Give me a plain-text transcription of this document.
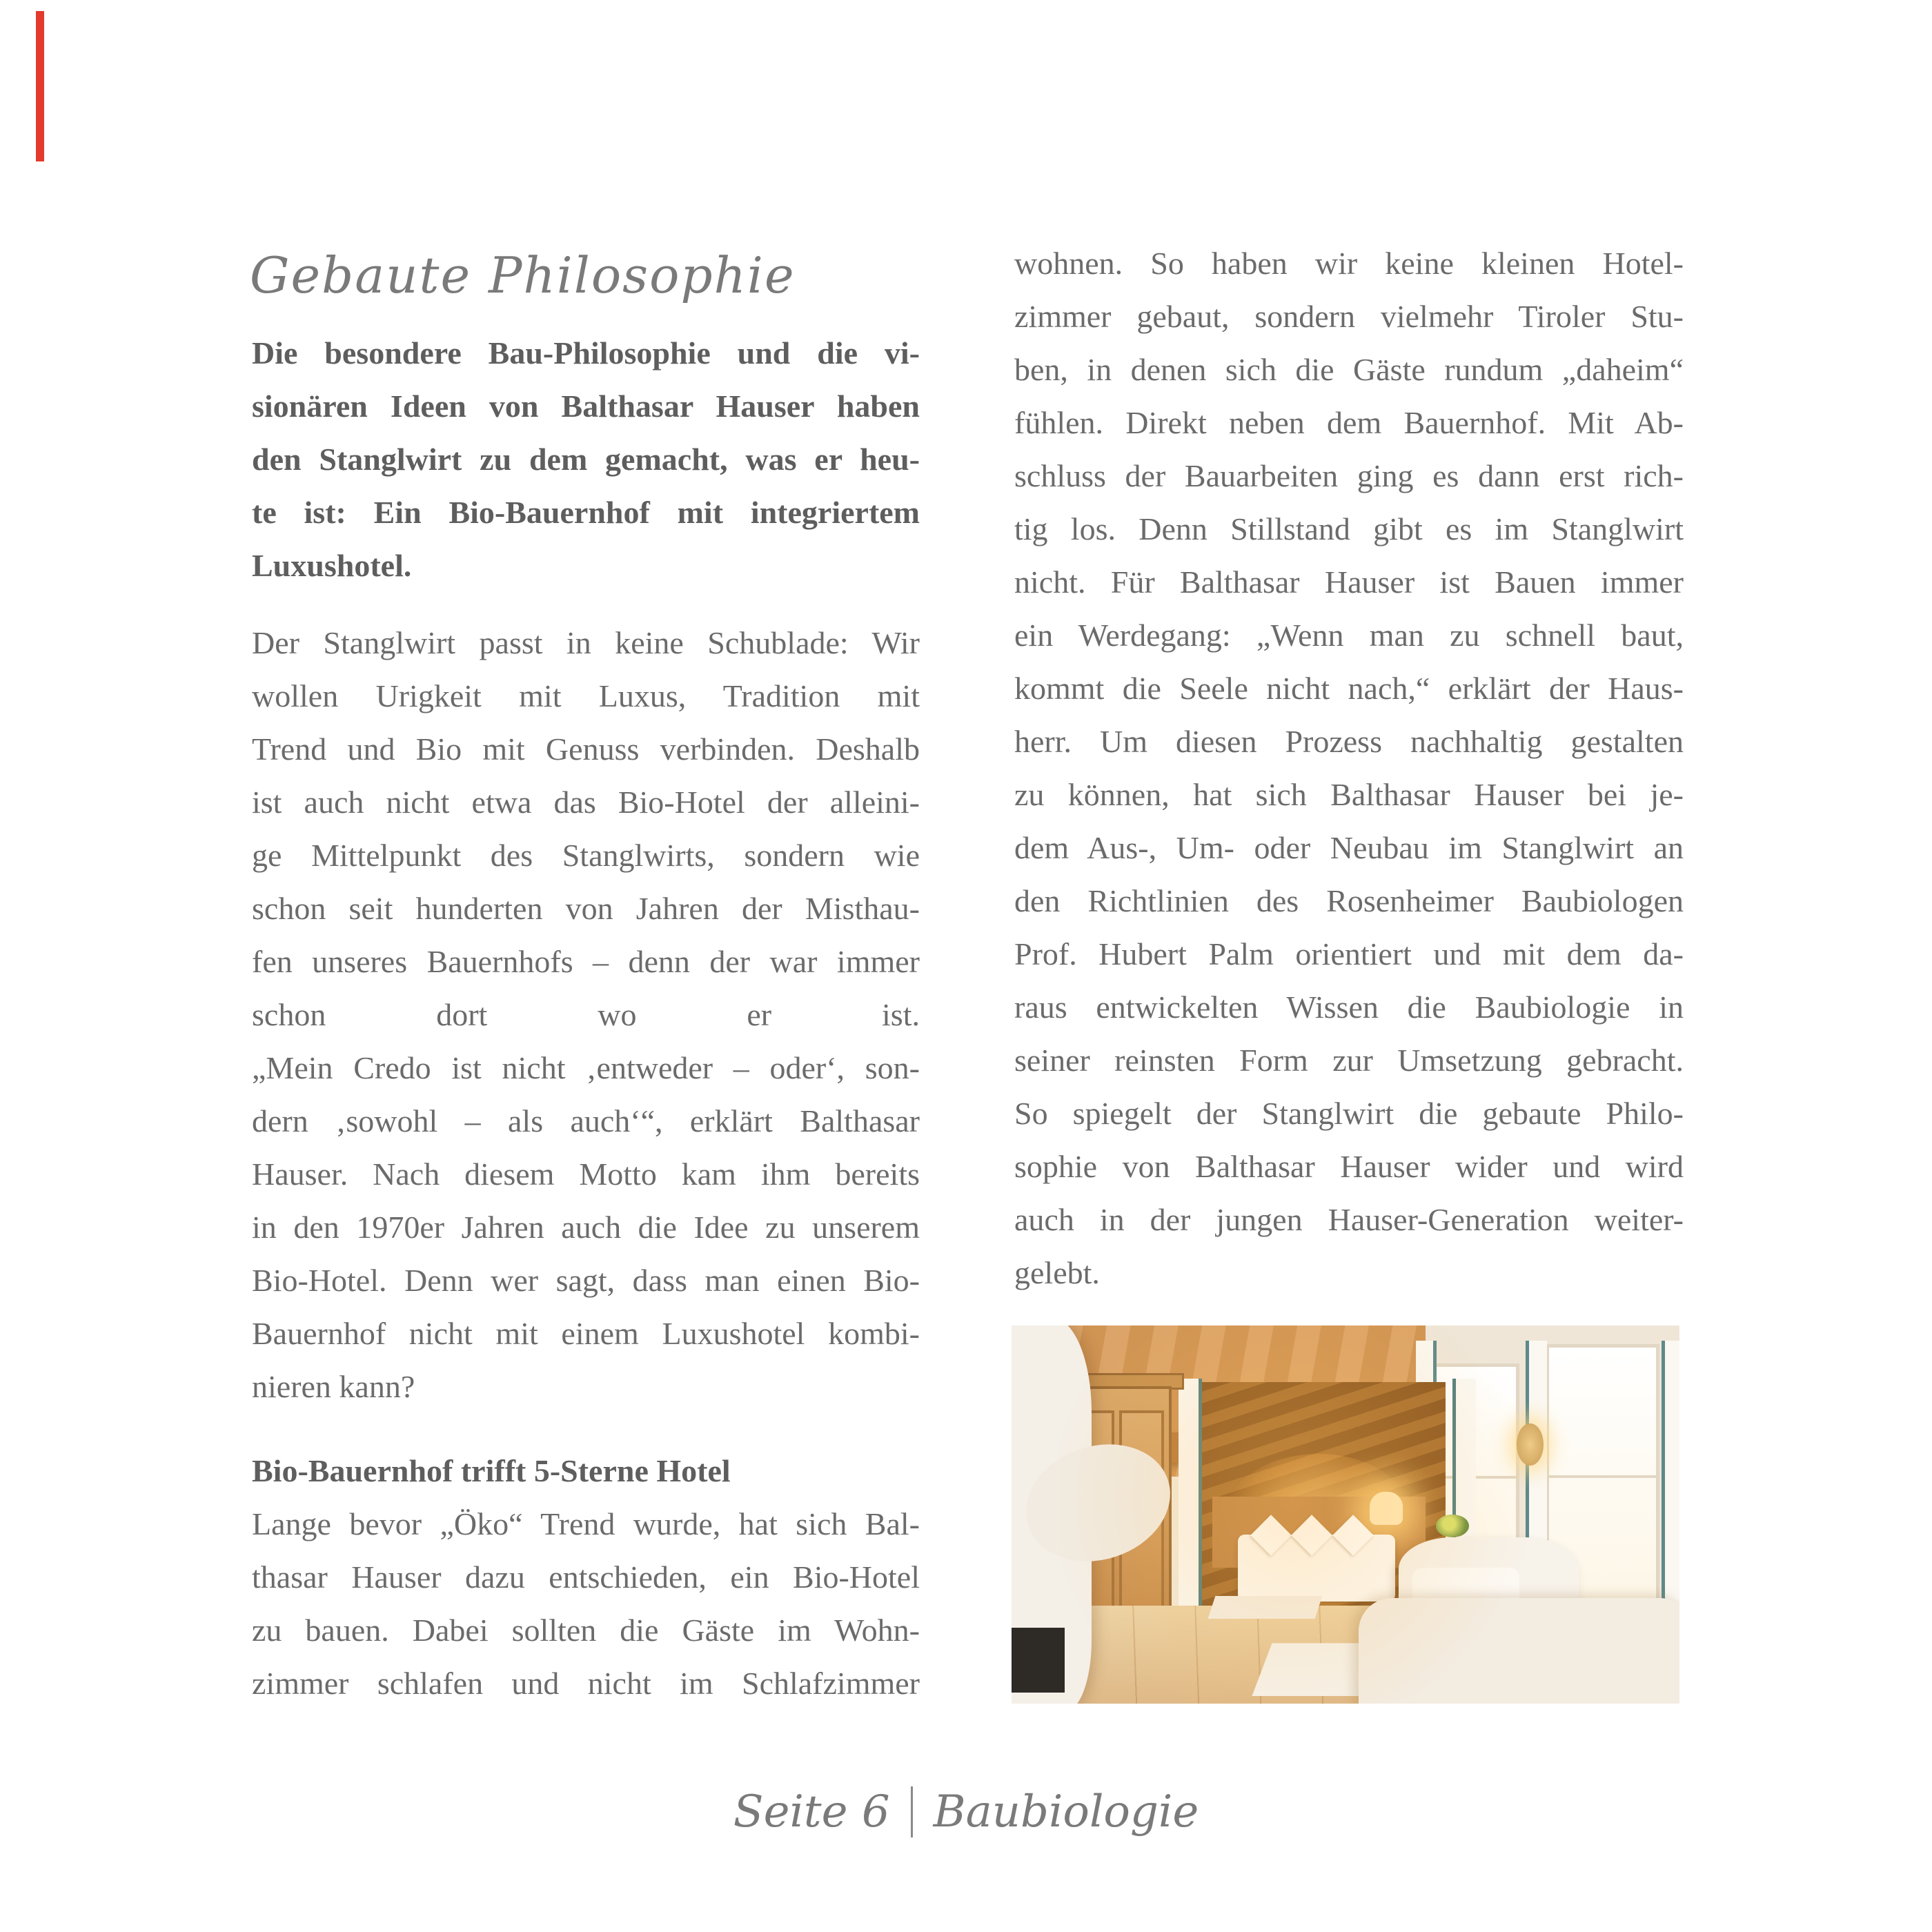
Gebaute Philosophie
Die besondere Bau-Philosophie und die vi-
sionären Ideen von Balthasar Hauser haben
den Stanglwirt zu dem gemacht, was er heu-
te ist: Ein Bio-Bauernhof mit integriertem
Luxushotel.
Der Stanglwirt passt in keine Schublade: Wir
wollen Urigkeit mit Luxus, Tradition mit
Trend und Bio mit Genuss verbinden. Deshalb
ist auch nicht etwa das Bio-Hotel der alleini-
ge Mittelpunkt des Stanglwirts, sondern wie
schon seit hunderten von Jahren der Misthau-
fen unseres Bauernhofs – denn der war immer
schon dort wo er ist.
„Mein Credo ist nicht ‚entweder – oder‘, son-
dern ‚sowohl – als auch‘“, erklärt Balthasar
Hauser. Nach diesem Motto kam ihm bereits
in den 1970er Jahren auch die Idee zu unserem
Bio-Hotel. Denn wer sagt, dass man einen Bio-
Bauernhof nicht mit einem Luxushotel kombi-
nieren kann?
Bio-Bauernhof trifft 5-Sterne Hotel
Lange bevor „Öko“ Trend wurde, hat sich Bal-
thasar Hauser dazu entschieden, ein Bio-Hotel
zu bauen. Dabei sollten die Gäste im Wohn-
zimmer schlafen und nicht im Schlafzimmer
wohnen. So haben wir keine kleinen Hotel-
zimmer gebaut, sondern vielmehr Tiroler Stu-
ben, in denen sich die Gäste rundum „daheim“
fühlen. Direkt neben dem Bauernhof. Mit Ab-
schluss der Bauarbeiten ging es dann erst rich-
tig los. Denn Stillstand gibt es im Stanglwirt
nicht. Für Balthasar Hauser ist Bauen immer
ein Werdegang: „Wenn man zu schnell baut,
kommt die Seele nicht nach,“ erklärt der Haus-
herr. Um diesen Prozess nachhaltig gestalten
zu können, hat sich Balthasar Hauser bei je-
dem Aus-, Um- oder Neubau im Stanglwirt an
den Richtlinien des Rosenheimer Baubiologen
Prof. Hubert Palm orientiert und mit dem da-
raus entwickelten Wissen die Baubiologie in
seiner reinsten Form zur Umsetzung gebracht.
So spiegelt der Stanglwirt die gebaute Philo-
sophie von Balthasar Hauser wider und wird
auch in der jungen Hauser-Generation weiter-
gelebt.
Seite 6 Baubiologie
